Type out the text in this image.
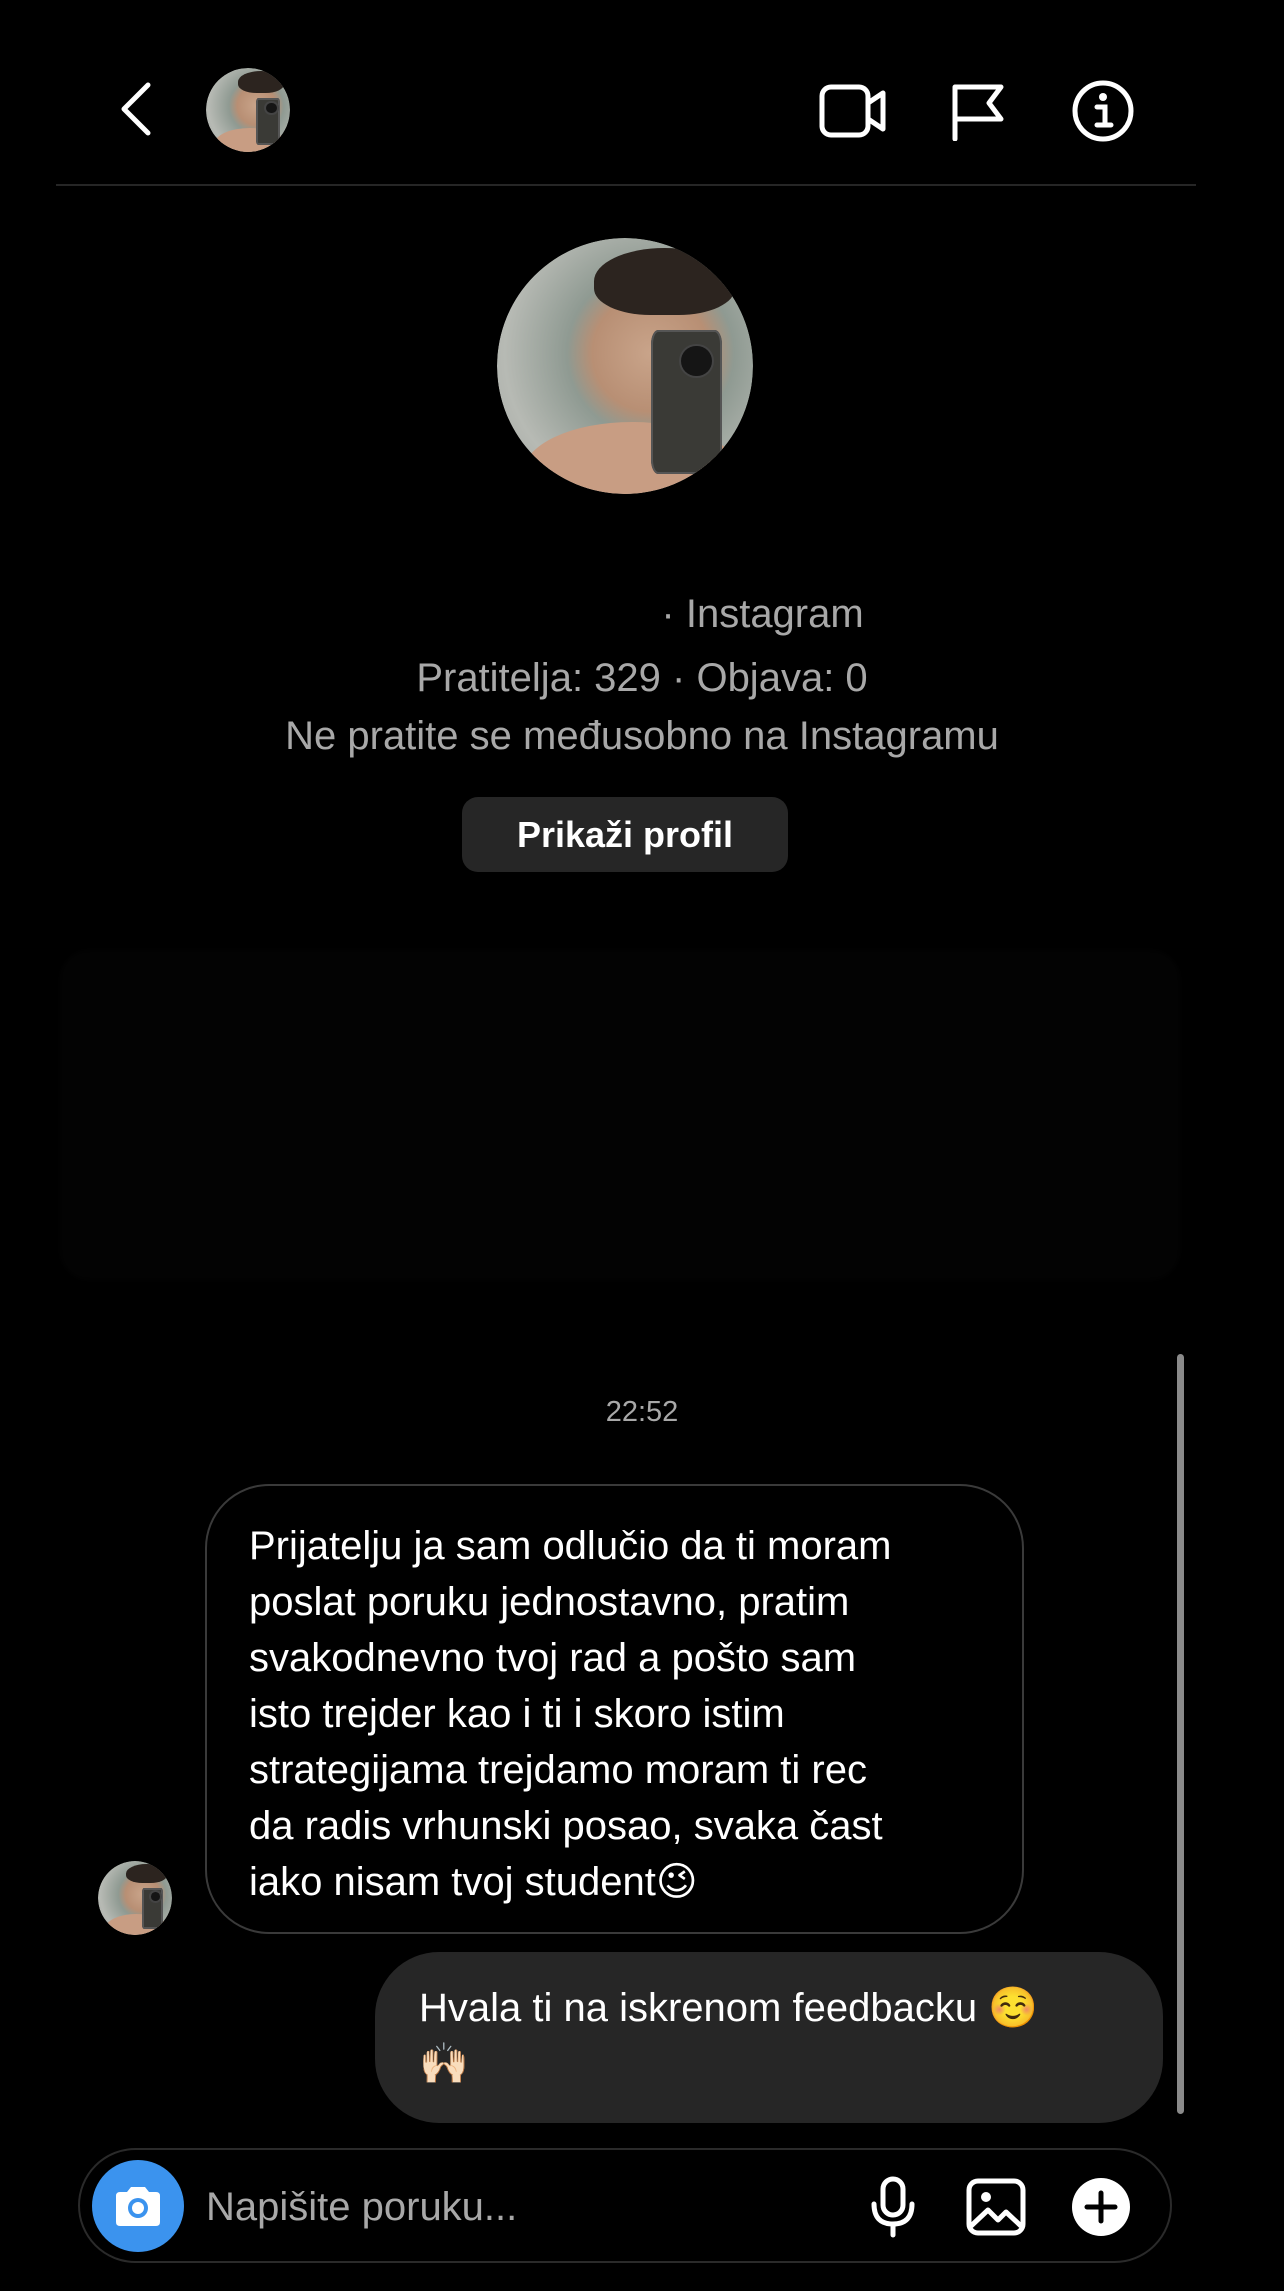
· Instagram
Pratitelja: 329 · Objava: 0
Ne pratite se međusobno na Instagramu
Prikaži profil
22:52
Prijatelju ja sam odlučio da ti moram
poslat poruku jednostavno, pratim
svakodnevno tvoj rad a pošto sam
isto trejder kao i ti i skoro istim
strategijama trejdamo moram ti rec
da radis vrhunski posao, svaka čast
iako nisam tvoj student😉
Hvala ti na iskrenom feedbacku ☺️
🙌🏻
Napišite poruku...
